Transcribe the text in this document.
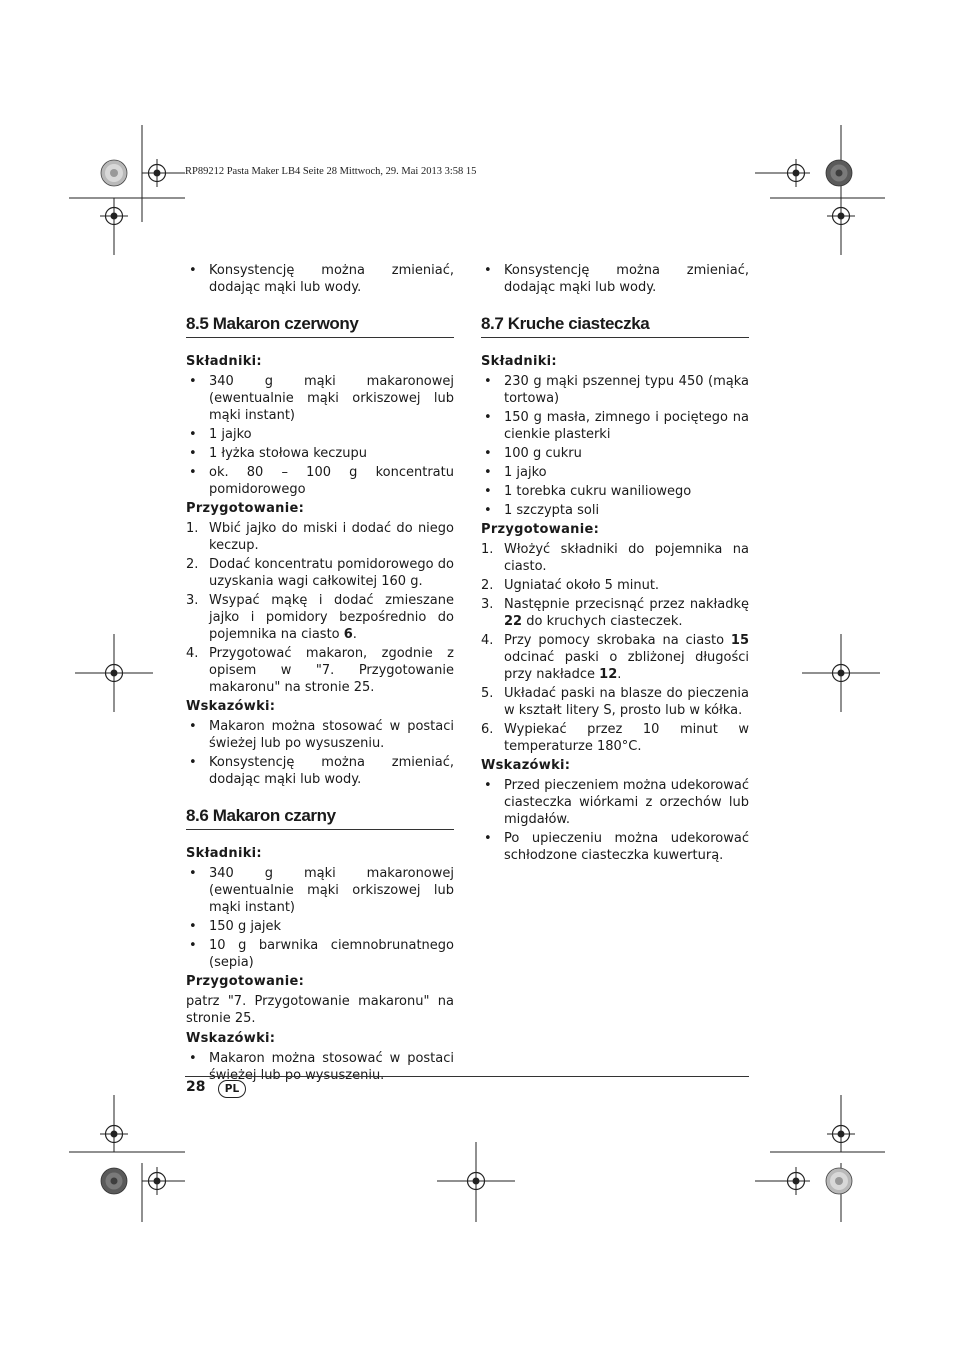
RP89212 Pasta Maker LB4 Seite 28 Mittwoch, 29. Mai 2013 3:58 15
• Konsystencję można zmieniać, dodając mąki lub wody.
8.5 Makaron czerwony
Składniki:
• 340 g mąki makaronowej (ewentualnie mąki orkiszowej lub mąki instant)
• 1 jajko
• 1 łyżka stołowa keczupu
• ok. 80 – 100 g koncentratu pomidorowego
Przygotowanie:
1. Wbić jajko do miski i dodać do niego keczup.
2. Dodać koncentratu pomidorowego do uzyskania wagi całkowitej 160 g.
3. Wsypać mąkę i dodać zmieszane jajko i pomidory bezpośrednio do pojemnika na ciasto 6.
4. Przygotować makaron, zgodnie z opisem w "7. Przygotowanie makaronu" na stronie 25.
Wskazówki:
• Makaron można stosować w postaci świeżej lub po wysuszeniu.
• Konsystencję można zmieniać, dodając mąki lub wody.
8.6 Makaron czarny
Składniki:
• 340 g mąki makaronowej (ewentualnie mąki orkiszowej lub mąki instant)
• 150 g jajek
• 10 g barwnika ciemnobrunatnego (sepia)
Przygotowanie:
patrz "7. Przygotowanie makaronu" na stronie 25.
Wskazówki:
• Makaron można stosować w postaci świeżej lub po wysuszeniu.
• Konsystencję można zmieniać, dodając mąki lub wody.
8.7 Kruche ciasteczka
Składniki:
• 230 g mąki pszennej typu 450 (mąka tortowa)
• 150 g masła, zimnego i pociętego na cienkie plasterki
• 100 g cukru
• 1 jajko
• 1 torebka cukru waniliowego
• 1 szczypta soli
Przygotowanie:
1. Włożyć składniki do pojemnika na ciasto.
2. Ugniatać około 5 minut.
3. Następnie przecisnąć przez nakładkę 22 do kruchych ciasteczek.
4. Przy pomocy skrobaka na ciasto 15 odcinać paski o zbliżonej długości przy nakładce 12.
5. Układać paski na blasze do pieczenia w kształt litery S, prosto lub w kółka.
6. Wypiekać przez 10 minut w temperaturze 180°C.
Wskazówki:
• Przed pieczeniem można udekorować ciasteczka wiórkami z orzechów lub migdałów.
• Po upieczeniu można udekorować schłodzone ciasteczka kuwerturą.
28	PL
